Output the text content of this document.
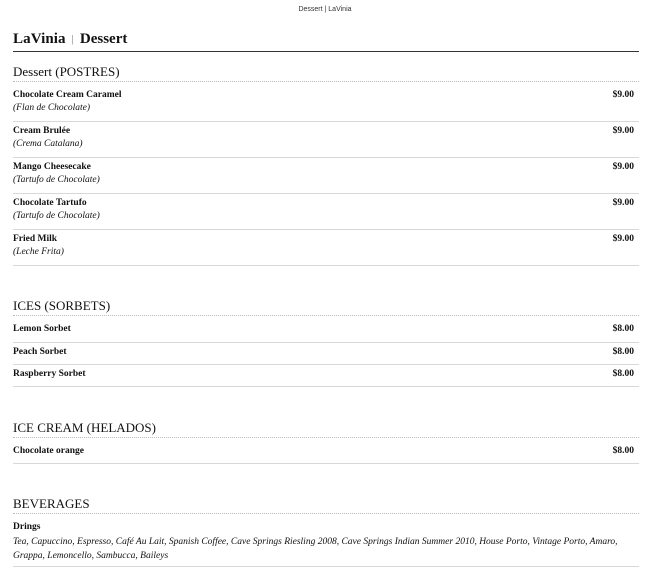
Dessert | LaVinia
LaVinia | Dessert
Dessert (POSTRES)
Chocolate Cream Caramel
(Flan de Chocolate)
$9.00
Cream Brulée
(Crema Catalana)
$9.00
Mango Cheesecake
(Tartufo de Chocolate)
$9.00
Chocolate Tartufo
(Tartufo de Chocolate)
$9.00
Fried Milk
(Leche Frita)
$9.00
ICES (SORBETS)
Lemon Sorbet	$8.00
Peach Sorbet	$8.00
Raspberry Sorbet	$8.00
ICE CREAM (HELADOS)
Chocolate orange	$8.00
BEVERAGES
Drings
Tea, Capuccino, Espresso, Café Au Lait, Spanish Coffee, Cave Springs Riesling 2008, Cave Springs Indian Summer 2010, House Porto, Vintage Porto, Amaro, Grappa, Lemoncello, Sambucca, Baileys
